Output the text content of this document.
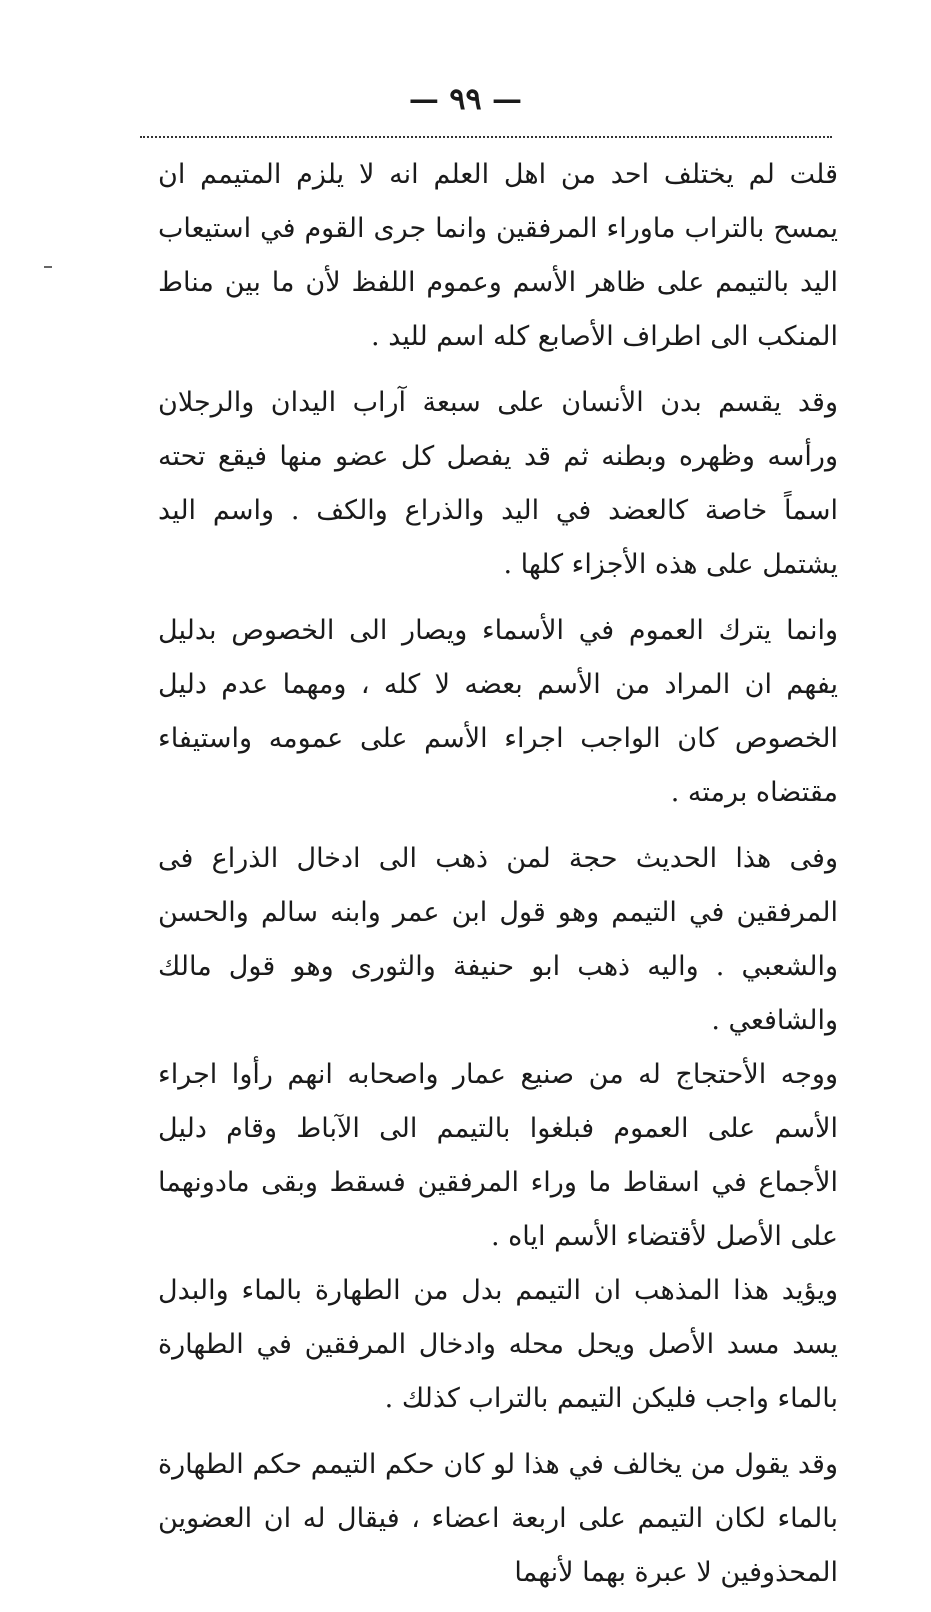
— ٩٩ —

قلت لم يختلف احد من اهل العلم انه لا يلزم المتيمم ان يمسح بالتراب ماوراء المرفقين وانما جرى القوم في استيعاب اليد بالتيمم على ظاهر الأسم وعموم اللفظ لأن ما بين مناط المنكب الى اطراف الأصابع كله اسم لليد .

وقد يقسم بدن الأنسان على سبعة آراب اليدان والرجلان ورأسه وظهره وبطنه ثم قد يفصل كل عضو منها فيقع تحته اسماً خاصة كالعضد في اليد والذراع والكف . واسم اليد يشتمل على هذه الأجزاء كلها .

وانما يترك العموم في الأسماء ويصار الى الخصوص بدليل يفهم ان المراد من الأسم بعضه لا كله ، ومهما عدم دليل الخصوص كان الواجب اجراء الأسم على عمومه واستيفاء مقتضاه برمته .

وفى هذا الحديث حجة لمن ذهب الى ادخال الذراع فى المرفقين في التيمم وهو قول ابن عمر وابنه سالم والحسن والشعبي . واليه ذهب ابو حنيفة والثورى وهو قول مالك والشافعي .

ووجه الأحتجاج له من صنيع عمار واصحابه انهم رأوا اجراء الأسم على العموم فبلغوا بالتيمم الى الآباط وقام دليل الأجماع في اسقاط ما وراء المرفقين فسقط وبقى مادونهما على الأصل لأقتضاء الأسم اياه .

ويؤيد هذا المذهب ان التيمم بدل من الطهارة بالماء والبدل يسد مسد الأصل ويحل محله وادخال المرفقين في الطهارة بالماء واجب فليكن التيمم بالتراب كذلك .

وقد يقول من يخالف في هذا لو كان حكم التيمم حكم الطهارة بالماء لكان التيمم على اربعة اعضاء ، فيقال له ان العضوين المحذوفين لا عبرة بهما لأنهما
